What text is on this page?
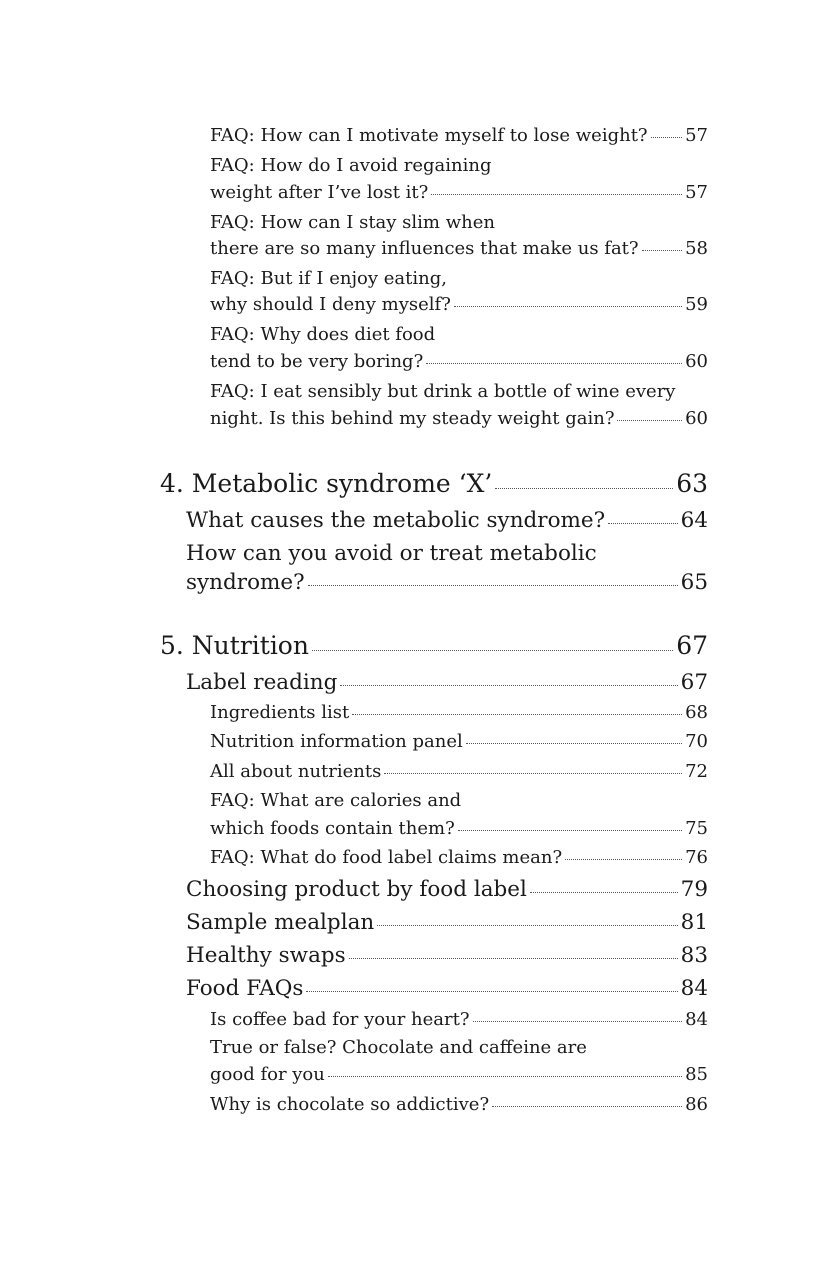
FAQ: How can I motivate myself to lose weight? 57
FAQ: How do I avoid regaining
weight after I’ve lost it?	57
FAQ: How can I stay slim when
there are so many influences that make us fat?	58
FAQ: But if I enjoy eating,
why should I deny myself?	59
FAQ: Why does diet food
tend to be very boring?	60
FAQ: I eat sensibly but drink a bottle of wine every
night. Is this behind my steady weight gain?	60
4. Metabolic syndrome ‘X’	63
What causes the metabolic syndrome?	64
How can you avoid or treat metabolic
syndrome?	65
5. Nutrition	67
Label reading	67
Ingredients list	68
Nutrition information panel	70
All about nutrients	72
FAQ: What are calories and
which foods contain them?	75
FAQ: What do food label claims mean?	76
Choosing product by food label	79
Sample mealplan	81
Healthy swaps	83
Food FAQs	84
Is coffee bad for your heart?	84
True or false? Chocolate and caffeine are
good for you	85
Why is chocolate so addictive?	86
